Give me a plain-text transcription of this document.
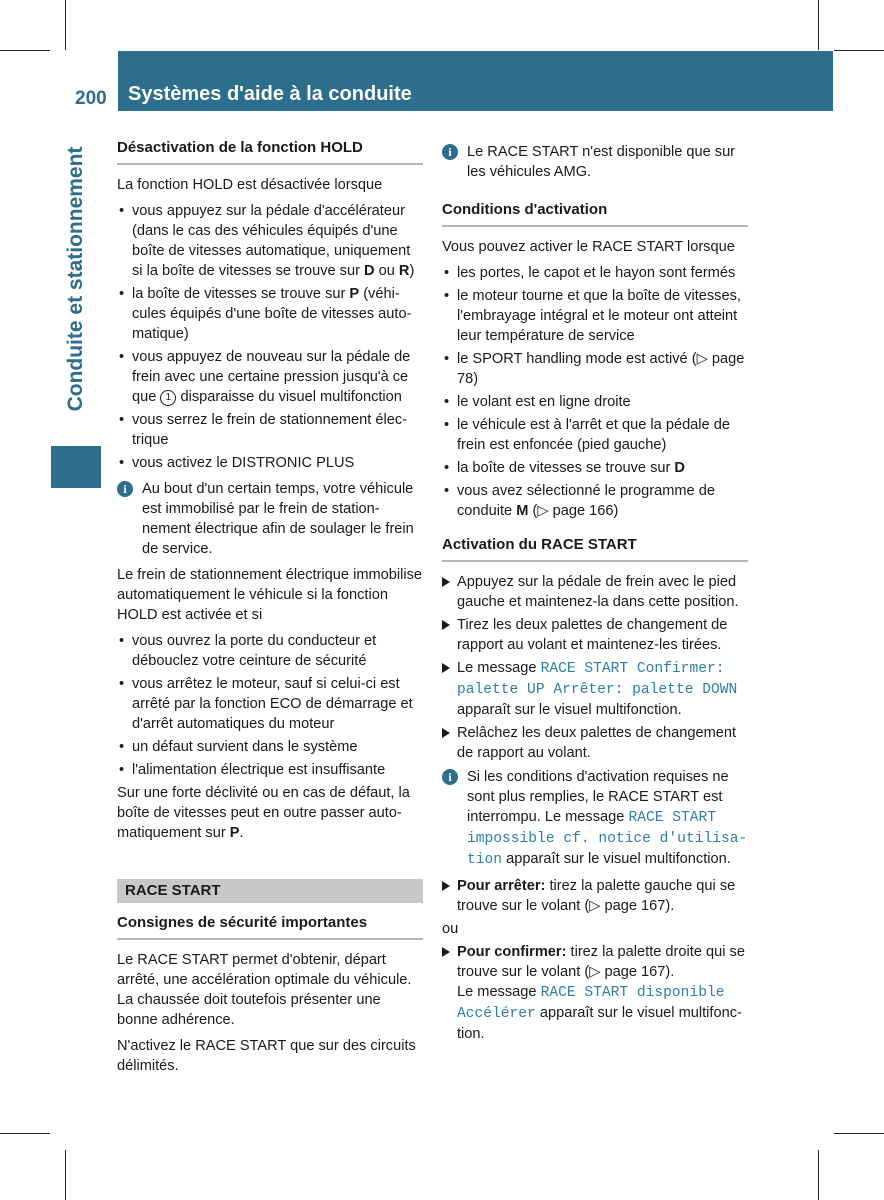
200	Systèmes d'aide à la conduite
Conduite et stationnement Désactivation de la fonction HOLD

La fonction HOLD est désactivée lorsque

• vous appuyez sur la pédale d'accélérateur (dans le cas des véhicules équipés d'une boîte de vitesses automatique, uniquement si la boîte de vitesses se trouve sur D ou R)
• la boîte de vitesses se trouve sur P (véhicules équipés d'une boîte de vitesses automatique)
• vous appuyez de nouveau sur la pédale de frein avec une certaine pression jusqu'à ce que 1 disparaisse du visuel multifonction
• vous serrez le frein de stationnement électrique
• vous activez le DISTRONIC PLUS
i	Au bout d'un certain temps, votre véhicule est immobilisé par le frein de stationnement électrique afin de soulager le frein de service.

Le frein de stationnement électrique immobilise automatiquement le véhicule si la fonction HOLD est activée et si

• vous ouvrez la porte du conducteur et débouclez votre ceinture de sécurité
• vous arrêtez le moteur, sauf si celui-ci est arrêté par la fonction ECO de démarrage et d'arrêt automatiques du moteur
• un défaut survient dans le système
• l'alimentation électrique est insuffisante

Sur une forte déclivité ou en cas de défaut, la boîte de vitesses peut en outre passer automatiquement sur P.

RACE START
Consignes de sécurité importantes

Le RACE START permet d'obtenir, départ arrêté, une accélération optimale du véhicule. La chaussée doit toutefois présenter une bonne adhérence.

N'activez le RACE START que sur des circuits délimités.

i	Le RACE START n'est disponible que sur les véhicules AMG.
Conditions d'activation

Vous pouvez activer le RACE START lorsque

• les portes, le capot et le hayon sont fermés
• le moteur tourne et que la boîte de vitesses, l'embrayage intégral et le moteur ont atteint leur température de service
• le SPORT handling mode est activé (▷ page 78)
• le volant est en ligne droite
• le véhicule est à l'arrêt et que la pédale de frein est enfoncée (pied gauche)
• la boîte de vitesses se trouve sur D
• vous avez sélectionné le programme de conduite M (▷ page 166)
Activation du RACE START
Appuyez sur la pédale de frein avec le pied gauche et maintenez-la dans cette position.
Tirez les deux palettes de changement de rapport au volant et maintenez-les tirées.
Le message RACE START Confirmer: palette UP Arrêter: palette DOWN apparaît sur le visuel multifonction.
Relâchez les deux palettes de changement de rapport au volant.
i	Si les conditions d'activation requises ne sont plus remplies, le RACE START est interrompu. Le message RACE START impossible cf. notice d'utilisation apparaît sur le visuel multifonction.
Pour arrêter: tirez la palette gauche qui se trouve sur le volant (▷ page 167).

ou

Pour confirmer: tirez la palette droite qui se trouve sur le volant (▷ page 167).
Le message RACE START disponible Accélérer apparaît sur le visuel multifonction.
